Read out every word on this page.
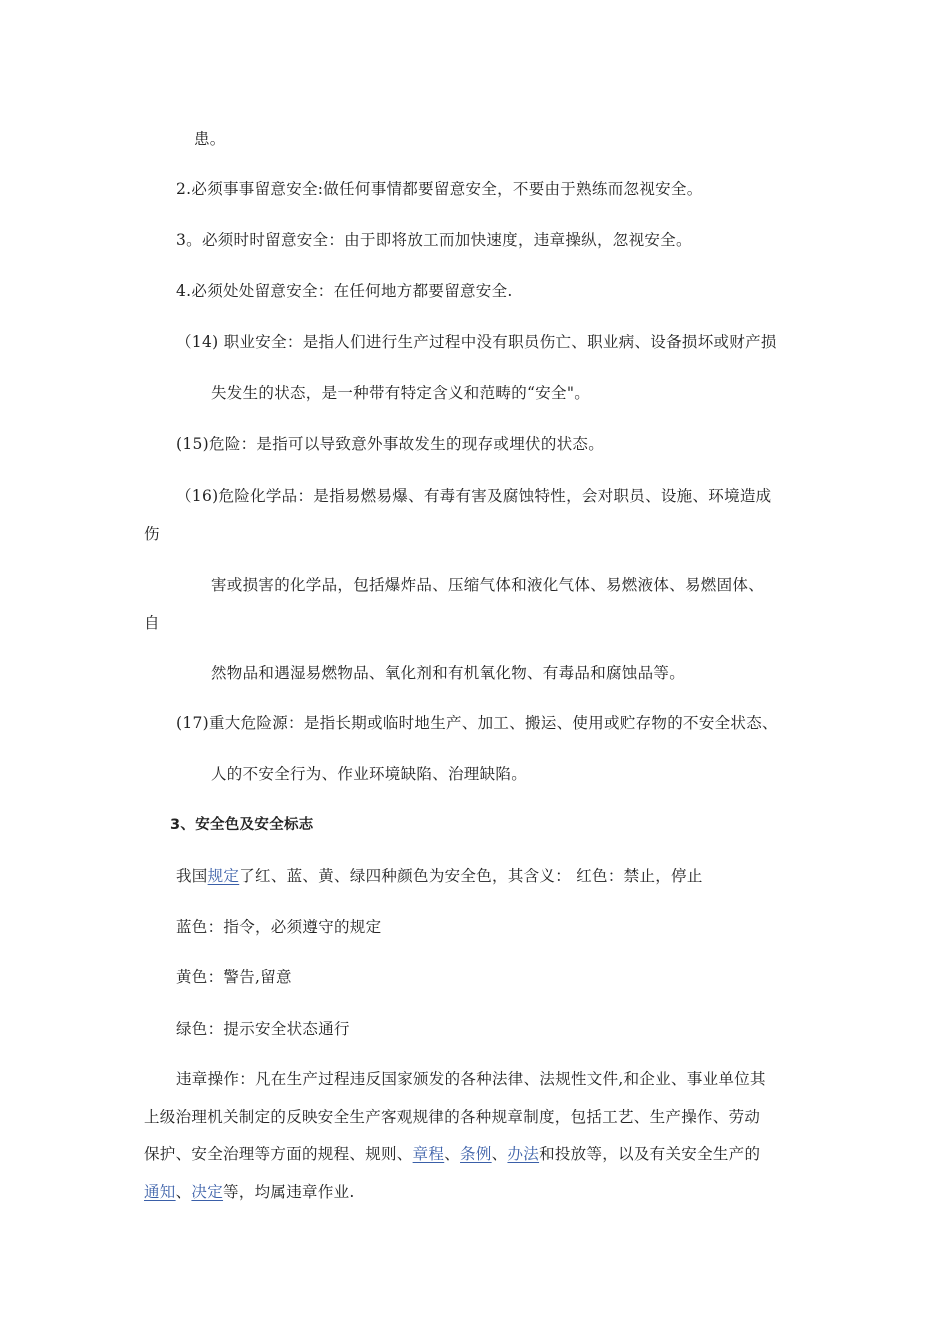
患。
2.必须事事留意安全:做任何事情都要留意安全，不要由于熟练而忽视安全。
3。必须时时留意安全：由于即将放工而加快速度，违章操纵，忽视安全。
4.必须处处留意安全：在任何地方都要留意安全.
（14) 职业安全：是指人们进行生产过程中没有职员伤亡、职业病、设备损坏或财产损
失发生的状态，是一种带有特定含义和范畴的“安全"。
(15)危险：是指可以导致意外事故发生的现存或埋伏的状态。
（16)危险化学品：是指易燃易爆、有毒有害及腐蚀特性，会对职员、设施、环境造成
伤
害或损害的化学品，包括爆炸品、压缩气体和液化气体、易燃液体、易燃固体、
自
然物品和遇湿易燃物品、氧化剂和有机氧化物、有毒品和腐蚀品等。
(17)重大危险源：是指长期或临时地生产、加工、搬运、使用或贮存物的不安全状态、
人的不安全行为、作业环境缺陷、治理缺陷。
3、安全色及安全标志
我国规定了红、蓝、黄、绿四种颜色为安全色，其含义： 红色：禁止，停止
蓝色：指令，必须遵守的规定
黄色：警告,留意
绿色：提示安全状态通行
违章操作：凡在生产过程违反国家颁发的各种法律、法规性文件,和企业、事业单位其
上级治理机关制定的反映安全生产客观规律的各种规章制度，包括工艺、生产操作、劳动
保护、安全治理等方面的规程、规则、章程、条例、办法和投放等，以及有关安全生产的
通知、决定等，均属违章作业.
